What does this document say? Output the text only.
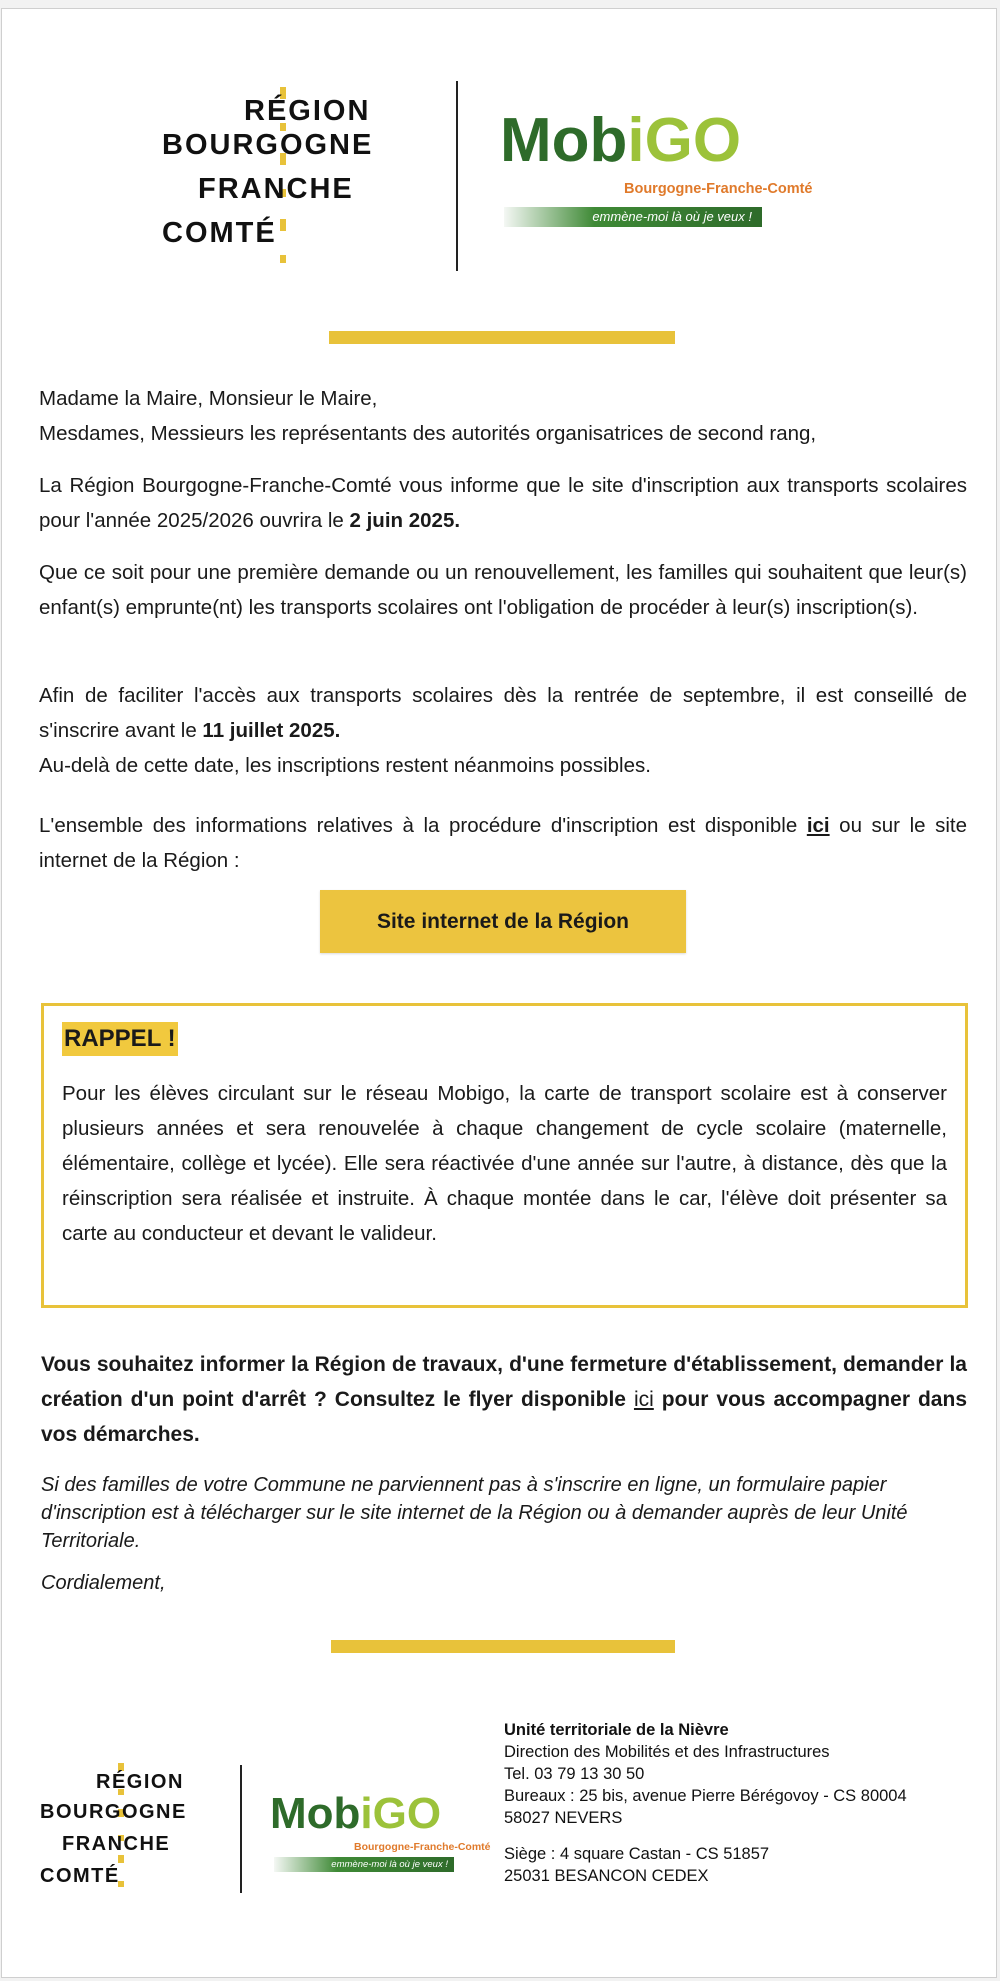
RÉGION
BOURGOGNE
FRANCHE
COMTÉ
MobiGO
Bourgogne-Franche-Comté
emmène-moi là où je veux !

Madame la Maire, Monsieur le Maire,
Mesdames, Messieurs les représentants des autorités organisatrices de second rang,

La Région Bourgogne-Franche-Comté vous informe que le site d'inscription aux transports scolaires pour l'année 2025/2026 ouvrira le 2 juin 2025.

Que ce soit pour une première demande ou un renouvellement, les familles qui souhaitent que leur(s) enfant(s) emprunte(nt) les transports scolaires ont l'obligation de procéder à leur(s) inscription(s).

Afin de faciliter l'accès aux transports scolaires dès la rentrée de septembre, il est conseillé de s'inscrire avant le 11 juillet 2025.
Au-delà de cette date, les inscriptions restent néanmoins possibles.

L'ensemble des informations relatives à la procédure d'inscription est disponible ici ou sur le site internet de la Région :

Site internet de la Région
RAPPEL !

Pour les élèves circulant sur le réseau Mobigo, la carte de transport scolaire est à conserver plusieurs années et sera renouvelée à chaque changement de cycle scolaire (maternelle, élémentaire, collège et lycée). Elle sera réactivée d'une année sur l'autre, à distance, dès que la réinscription sera réalisée et instruite. À chaque montée dans le car, l'élève doit présenter sa carte au conducteur et devant le valideur.

Vous souhaitez informer la Région de travaux, d'une fermeture d'établissement, demander la création d'un point d'arrêt ? Consultez le flyer disponible ici pour vous accompagner dans vos démarches.

Si des familles de votre Commune ne parviennent pas à s'inscrire en ligne, un formulaire papier d'inscription est à télécharger sur le site internet de la Région ou à demander auprès de leur Unité Territoriale.

Cordialement,

RÉGION
BOURGOGNE
FRANCHE
COMTÉ
MobiGO
Bourgogne-Franche-Comté
emmène-moi là où je veux !
Unité territoriale de la Nièvre
Direction des Mobilités et des Infrastructures
Tel. 03 79 13 30 50
Bureaux : 25 bis, avenue Pierre Bérégovoy - CS 80004
58027 NEVERS
Siège : 4 square Castan - CS 51857
25031 BESANCON CEDEX
